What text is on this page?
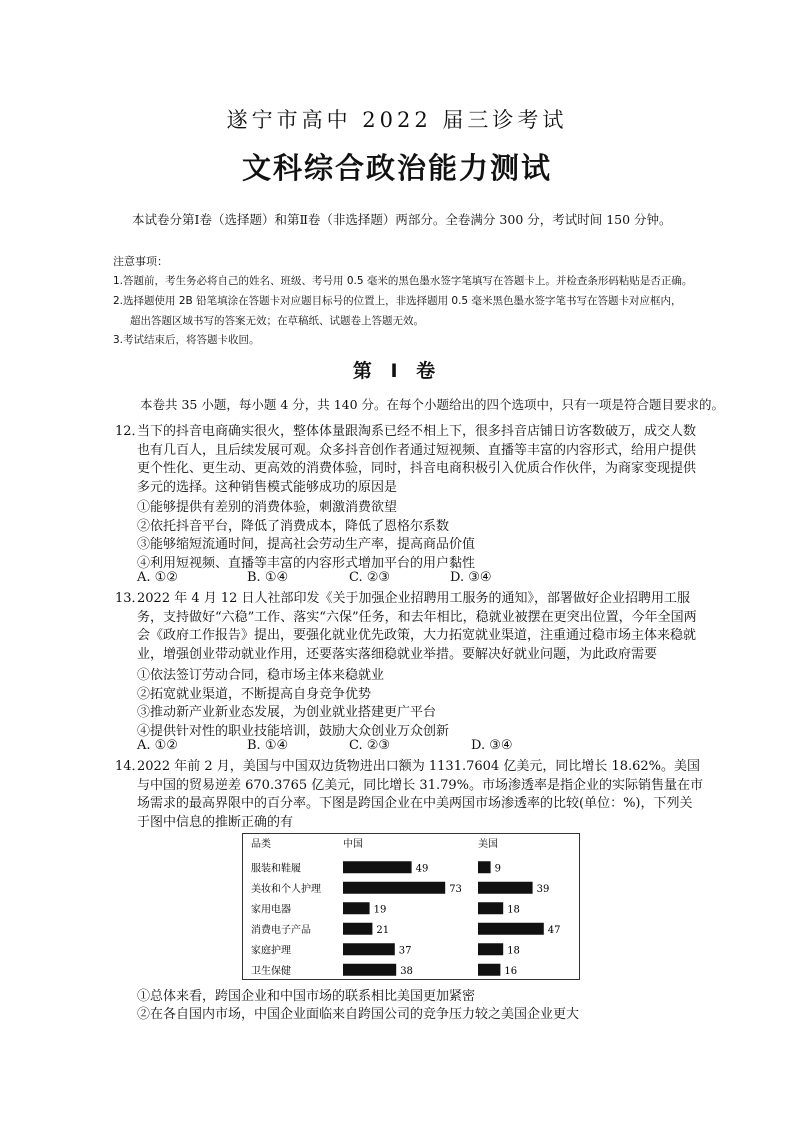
遂宁市高中 2022 届三诊考试
文科综合政治能力测试
本试卷分第Ⅰ卷（选择题）和第Ⅱ卷（非选择题）两部分。全卷满分 300 分，考试时间 150 分钟。
注意事项：
1.答题前，考生务必将自己的姓名、班级、考号用 0.5 毫米的黑色墨水签字笔填写在答题卡上。并检查条形码粘贴是否正确。
2.选择题使用 2B 铅笔填涂在答题卡对应题目标号的位置上，非选择题用 0.5 毫米黑色墨水签字笔书写在答题卡对应框内，
超出答题区域书写的答案无效；在草稿纸、试题卷上答题无效。
3.考试结束后，将答题卡收回。
第 Ⅰ 卷
本卷共 35 小题，每小题 4 分，共 140 分。在每个小题给出的四个选项中，只有一项是符合题目要求的。
12．
当下的抖音电商确实很火，整体体量跟淘系已经不相上下，很多抖音店铺日访客数破万，成交人数也有几百人，且后续发展可观。众多抖音创作者通过短视频、直播等丰富的内容形式，给用户提供更个性化、更生动、更高效的消费体验，同时，抖音电商积极引入优质合作伙伴，为商家变现提供多元的选择。这种销售模式能够成功的原因是
①能够提供有差别的消费体验，刺激消费欲望
②依托抖音平台，降低了消费成本，降低了恩格尔系数
③能够缩短流通时间，提高社会劳动生产率，提高商品价值
④利用短视频、直播等丰富的内容形式增加平台的用户黏性
A. ①②	B. ①④	C. ②③	D. ③④
13．
2022 年 4 月 12 日人社部印发《关于加强企业招聘用工服务的通知》，部署做好企业招聘用工服务，支持做好“六稳”工作、落实“六保”任务，和去年相比，稳就业被摆在更突出位置，今年全国两会《政府工作报告》提出，要强化就业优先政策，大力拓宽就业渠道，注重通过稳市场主体来稳就业，增强创业带动就业作用，还要落实落细稳就业举措。要解决好就业问题，为此政府需要
①依法签订劳动合同，稳市场主体来稳就业
②拓宽就业渠道，不断提高自身竞争优势
③推动新产业新业态发展，为创业就业搭建更广平台
④提供针对性的职业技能培训，鼓励大众创业万众创新
A. ①②	B. ①④	C. ②③	D. ③④
14．
2022 年前 2 月，美国与中国双边货物进出口额为 1131.7604 亿美元，同比增长 18.62%。美国与中国的贸易逆差 670.3765 亿美元，同比增长 31.79%。市场渗透率是指企业的实际销售量在市场需求的最高界限中的百分率。下图是跨国企业在中美两国市场渗透率的比较(单位：%)，下列关于图中信息的推断正确的有
品类	中国	美国
服装和鞋履	49	9
美妆和个人护理	73	39
家用电器	19	18
消费电子产品	21	47
家庭护理	37	18
卫生保健	38	16
①总体来看，跨国企业和中国市场的联系相比美国更加紧密
②在各自国内市场，中国企业面临来自跨国公司的竞争压力较之美国企业更大
